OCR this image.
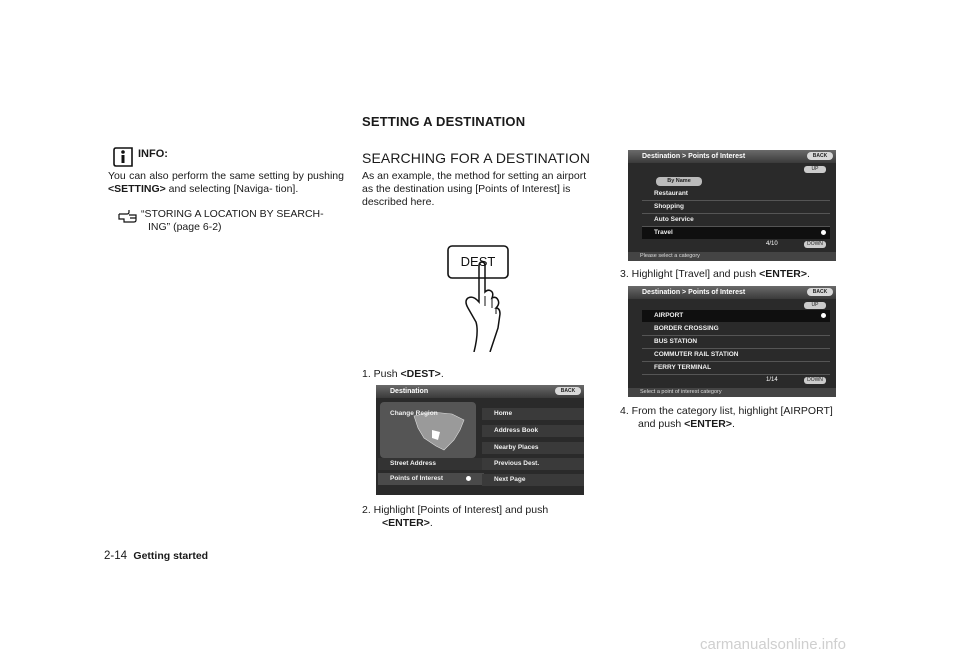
SETTING A DESTINATION
INFO:
You can also perform the same setting by pushing <SETTING> and selecting [Naviga- tion].
“STORING A LOCATION BY SEARCH-
ING” (page 6-2)
SEARCHING FOR A DESTINATION
As an example, the method for setting an airport as the destination using [Points of Interest] is described here.
DEST
1. Push <DEST>.
Destination	BACK
Change Region
Street Address
Points of Interest
Home
Address Book
Nearby Places
Previous Dest.
Next Page
2. Highlight [Points of Interest] and push
<ENTER>.
Destination > Points of Interest	BACK
UP
By Name
Restaurant
Shopping
Auto Service
Travel
4/10	DOWN
Please select a category
3. Highlight [Travel] and push <ENTER>.
Destination > Points of Interest	BACK
UP
AIRPORT
BORDER CROSSING
BUS STATION
COMMUTER RAIL STATION
FERRY TERMINAL
1/14	DOWN
Select a point of interest category
4. From the category list, highlight [AIRPORT]
and push <ENTER>.
2-14 Getting started
carmanualsonline.info
